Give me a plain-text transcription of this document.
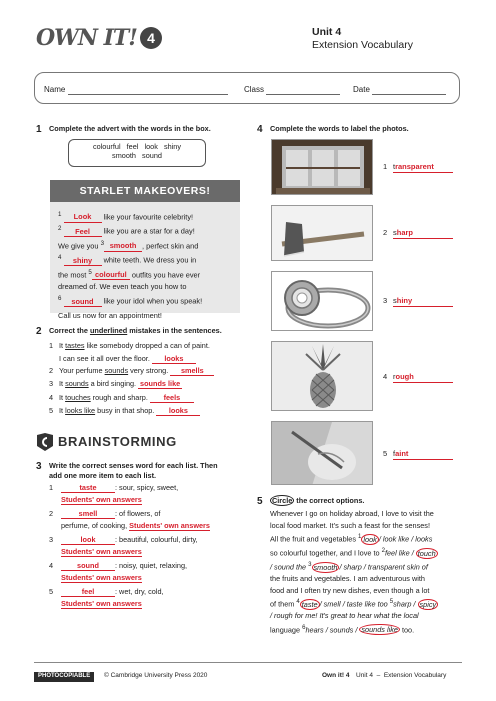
OWN IT! 4	Unit 4
Extension Vocabulary
Name	Class	Date
1 Complete the advert with the words in the box.
colourful   feel   look   shiny
smooth   sound
STARLET MAKEOVERS!
$^1$ Look like your favourite celebrity!
$^2$ Feel like you are a star for a day!
We give you $^3$ smooth , perfect skin and
$^4$ shiny white teeth. We dress you in
the most $^5$ colourful outfits you have ever
dreamed of. We even teach you how to
$^6$ sound like your idol when you speak!
Call us now for an appointment!
2 Correct the underlined mistakes in the sentences.
1 It tastes like somebody dropped a can of paint.
I can see it all over the floor. looks
2 Your perfume sounds very strong. smells
3 It sounds a bird singing. sounds like
4 It touches rough and sharp. feels
5 It looks like busy in that shop. looks
BRAINSTORMING
3 Write the correct senses word for each list. Then
add one more item to each list.
1	taste	: sour, spicy, sweet,
Students' own answers
2	smell : of flowers, of
perfume, of cooking, Students' own answers
3	look	: beautiful, colourful, dirty,
Students' own answers
4	sound : noisy, quiet, relaxing,
Students' own answers
5	feel	: wet, dry, cold,
Students' own answers
4 Complete the words to label the photos.
5 Circle the correct options.
Whenever I go on holiday abroad, I love to visit the
local food market. It's such a feast for the senses!
All the fruit and vegetables $^1$ look / look like / looks
so colourful together, and I love to $^2$feel like / touch
/ sound the $^3$ smooth / sharp / transparent skin of
the fruits and vegetables. I am adventurous with
food and I often try new dishes, even though a lot
of them $^4$ taste / smell / taste like too $^5$sharp / spicy
/ rough for me! It's great to hear what the local
language $^6$hears / sounds / sounds like too.
PHOTOCOPIABLE	© Cambridge University Press 2020	Own it! 4 Unit 4  –  Extension Vocabulary
1 transparent
2 sharp
3 shiny
4 rough
5 faint
